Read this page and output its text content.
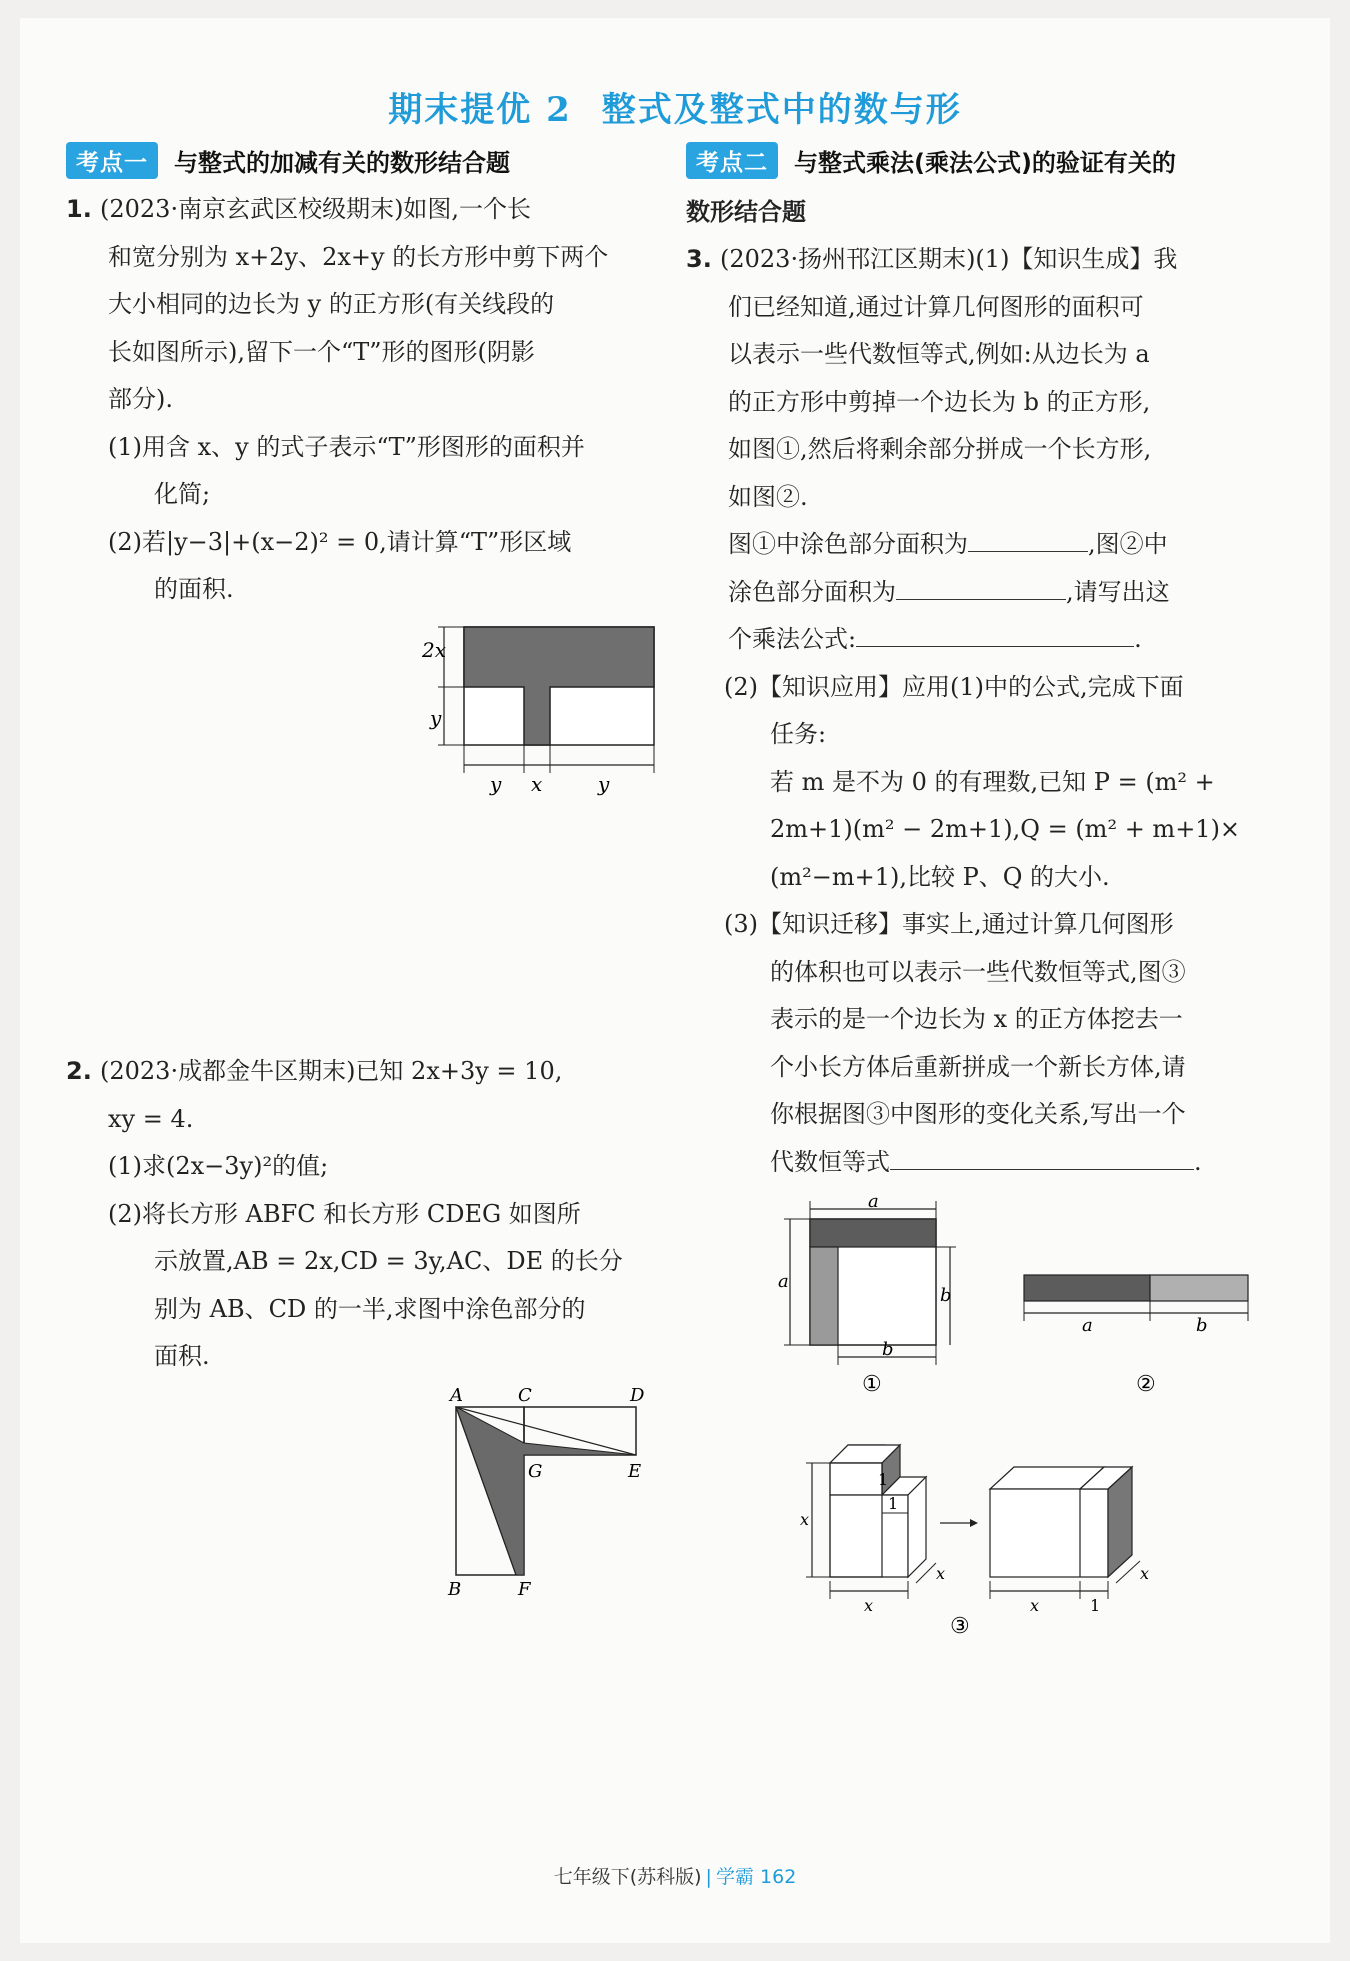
期末提优 2 整式及整式中的数与形
考点一	与整式的加减有关的数形结合题
1. (2023·南京玄武区校级期末)如图,一个长
和宽分别为 x+2y、2x+y 的长方形中剪下两个
大小相同的边长为 y 的正方形(有关线段的
长如图所示),留下一个“T”形的图形(阴影
部分).
(1)用含 x、y 的式子表示“T”形图形的面积并
化简;
(2)若|y−3|+(x−2)² = 0,请计算“T”形区域
的面积.
2x
y
y x	y
2. (2023·成都金牛区期末)已知 2x+3y = 10,
xy = 4.
(1)求(2x−3y)²的值;
(2)将长方形 ABFC 和长方形 CDEG 如图所
示放置,AB = 2x,CD = 3y,AC、DE 的长分
别为 AB、CD 的一半,求图中涂色部分的
面积.
A	C	D
G	E
B	F
考点二	与整式乘法(乘法公式)的验证有关的
数形结合题
3. (2023·扬州邗江区期末)(1)【知识生成】我
们已经知道,通过计算几何图形的面积可
以表示一些代数恒等式,例如:从边长为 a
的正方形中剪掉一个边长为 b 的正方形,
如图①,然后将剩余部分拼成一个长方形,
如图②.
图①中涂色部分面积为	,图②中
涂色部分面积为	,请写出这
个乘法公式:	.
(2)【知识应用】应用(1)中的公式,完成下面
任务:
若 m 是不为 0 的有理数,已知 P = (m² +
2m+1)(m² − 2m+1),Q = (m² + m+1)×
(m²−m+1),比较 P、Q 的大小.
(3)【知识迁移】事实上,通过计算几何图形
的体积也可以表示一些代数恒等式,图③
表示的是一个边长为 x 的正方体挖去一
个小长方体后重新拼成一个新长方体,请
你根据图③中图形的变化关系,写出一个
代数恒等式	.
a
a
b
b
①
a	b
②
1
1
x
x
x
x	1
x
③
七年级下(苏科版) | 学霸 162
